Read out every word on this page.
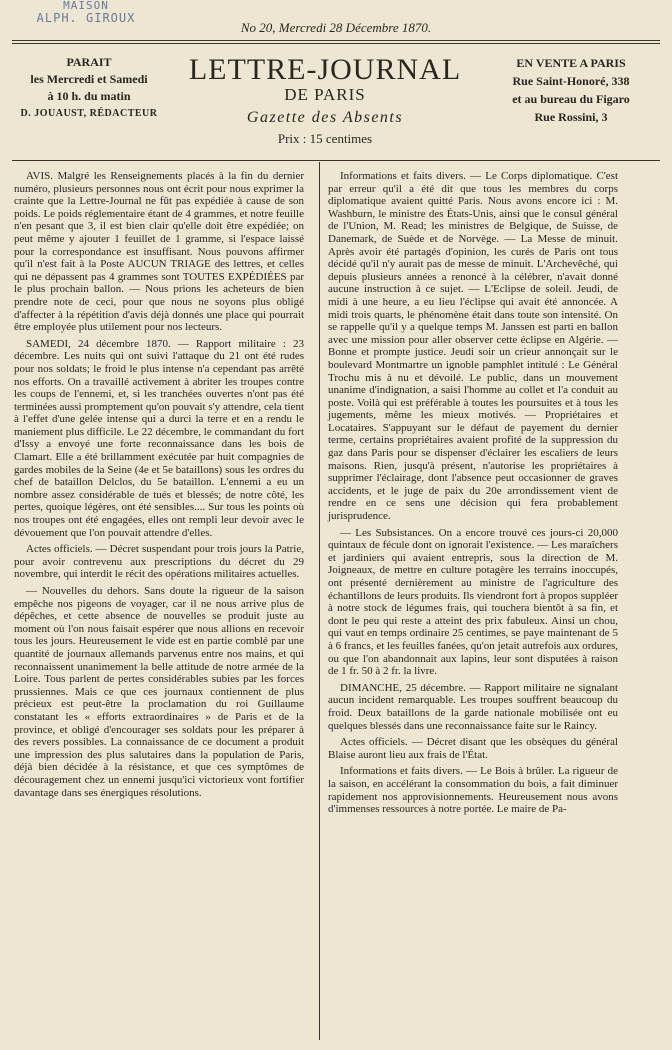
MAISON
ALPH. GIROUX
No 20, Mercredi 28 Décembre 1870.
PARAIT
les Mercredi et Samedi
à 10 h. du matin
D. JOUAUST, RÉDACTEUR
LETTRE-JOURNAL
DE PARIS
Gazette des Absents
Prix : 15 centimes
EN VENTE A PARIS
Rue Saint-Honoré, 338
et au bureau du Figaro
Rue Rossini, 3

AVIS. Malgré les Renseignements placés à la fin du dernier numéro, plusieurs personnes nous ont écrit pour nous exprimer la crainte que la Lettre-Journal ne fût pas expédiée à cause de son poids. Le poids réglementaire étant de 4 grammes, et notre feuille n'en pesant que 3, il est bien clair qu'elle doit être expédiée; on peut même y ajouter 1 feuillet de 1 gramme, si l'espace laissé pour la correspondance est insuffisant. Nous pouvons affirmer qu'il n'est fait à la Poste AUCUN TRIAGE des lettres, et celles qui ne dépassent pas 4 grammes sont TOUTES EXPÉDIÉES par le plus prochain ballon. — Nous prions les acheteurs de bien prendre note de ceci, pour que nous ne soyons plus obligé d'affecter à la répétition d'avis déjà donnés une place qui pourrait être employée plus utilement pour nos lecteurs.

SAMEDI, 24 décembre 1870. — Rapport militaire : 23 décembre. Les nuits qui ont suivi l'attaque du 21 ont été rudes pour nos soldats; le froid le plus intense n'a cependant pas arrêté nos efforts. On a travaillé activement à abriter les troupes contre les coups de l'ennemi, et, si les tranchées ouvertes n'ont pas été terminées aussi promptement qu'on pouvait s'y attendre, cela tient à l'effet d'une gelée intense qui a durci la terre et en a rendu le maniement plus difficile. Le 22 décembre, le commandant du fort d'Issy a envoyé une forte reconnaissance dans les bois de Clamart. Elle a été brillamment exécutée par huit compagnies de gardes mobiles de la Seine (4e et 5e bataillons) sous les ordres du chef de bataillon Delclos, du 5e bataillon. L'ennemi a eu un nombre assez considérable de tués et blessés; de notre côté, les pertes, quoique légères, ont été sensibles.... Sur tous les points où nos troupes ont été engagées, elles ont rempli leur devoir avec le dévouement que l'on pouvait attendre d'elles.

Actes officiels. — Décret suspendant pour trois jours la Patrie, pour avoir contrevenu aux prescriptions du décret du 29 novembre, qui interdit le récit des opérations militaires actuelles.

— Nouvelles du dehors. Sans doute la rigueur de la saison empêche nos pigeons de voyager, car il ne nous arrive plus de dépêches, et cette absence de nouvelles se produit juste au moment où l'on nous faisait espérer que nous allions en recevoir tous les jours. Heureusement le vide est en partie comblé par une quantité de journaux allemands parvenus entre nos mains, et qui reconnaissent unanimement la belle attitude de notre armée de la Loire. Tous parlent de pertes considérables subies par les forces prussiennes. Mais ce que ces journaux contiennent de plus précieux est peut-être la proclamation du roi Guillaume constatant les « efforts extraordinaires » de Paris et de la province, et obligé d'encourager ses soldats pour les préparer à des revers possibles. La connaissance de ce document a produit une impression des plus salutaires dans la population de Paris, déjà bien décidée à la résistance, et que ces symptômes de découragement chez un ennemi jusqu'ici victorieux vont fortifier davantage dans ses énergiques résolutions.

Informations et faits divers. — Le Corps diplomatique. C'est par erreur qu'il a été dit que tous les membres du corps diplomatique avaient quitté Paris. Nous avons encore ici : M. Washburn, le ministre des États-Unis, ainsi que le consul général de l'Union, M. Read; les ministres de Belgique, de Suisse, de Danemark, de Suède et de Norvège. — La Messe de minuit. Après avoir été partagés d'opinion, les curés de Paris ont tous décidé qu'il n'y aurait pas de messe de minuit. L'Archevêché, qui depuis plusieurs années a renoncé à la célébrer, n'avait donné aucune instruction à ce sujet. — L'Eclipse de soleil. Jeudi, de midi à une heure, a eu lieu l'éclipse qui avait été annoncée. A midi trois quarts, le phénomène était dans toute son intensité. On se rappelle qu'il y a quelque temps M. Janssen est parti en ballon avec une mission pour aller observer cette éclipse en Algérie. — Bonne et prompte justice. Jeudi soir un crieur annonçait sur le boulevard Montmartre un ignoble pamphlet intitulé : Le Général Trochu mis à nu et dévoilé. Le public, dans un mouvement unanime d'indignation, a saisi l'homme au collet et l'a conduit au poste. Voilà qui est préférable à toutes les poursuites et à tous les jugements, même les mieux motivés. — Propriétaires et Locataires. S'appuyant sur le défaut de payement du dernier terme, certains propriétaires avaient profité de la suppression du gaz dans Paris pour se dispenser d'éclairer les escaliers de leurs maisons. Rien, jusqu'à présent, n'autorise les propriétaires à supprimer l'éclairage, dont l'absence peut occasionner de graves accidents, et le juge de paix du 20e arrondissement vient de rendre en ce sens une décision qui fera probablement jurisprudence.

— Les Subsistances. On a encore trouvé ces jours-ci 20,000 quintaux de fécule dont on ignorait l'existence. — Les maraîchers et jardiniers qui avaient entrepris, sous la direction de M. Joigneaux, de mettre en culture potagère les terrains inoccupés, ont présenté dernièrement au ministre de l'agriculture des échantillons de leurs produits. Ils viendront fort à propos suppléer à notre stock de légumes frais, qui touchera bientôt à sa fin, et dont le peu qui reste a atteint des prix fabuleux. Ainsi un chou, qui vaut en temps ordinaire 25 centimes, se paye maintenant de 5 à 6 francs, et les feuilles fanées, qu'on jetait autrefois aux ordures, ou que l'on abandonnait aux lapins, leur sont disputées à raison de 1 fr. 50 à 2 fr. la livre.

DIMANCHE, 25 décembre. — Rapport militaire ne signalant aucun incident remarquable. Les troupes souffrent beaucoup du froid. Deux bataillons de la garde nationale mobilisée ont eu quelques blessés dans une reconnaissance faite sur le Raincy.

Actes officiels. — Décret disant que les obsèques du général Blaise auront lieu aux frais de l'État.

Informations et faits divers. — Le Bois à brûler. La rigueur de la saison, en accélérant la consommation du bois, a fait diminuer rapidement nos approvisionnements. Heureusement nous avons d'immenses ressources à notre portée. Le maire de Pa-
